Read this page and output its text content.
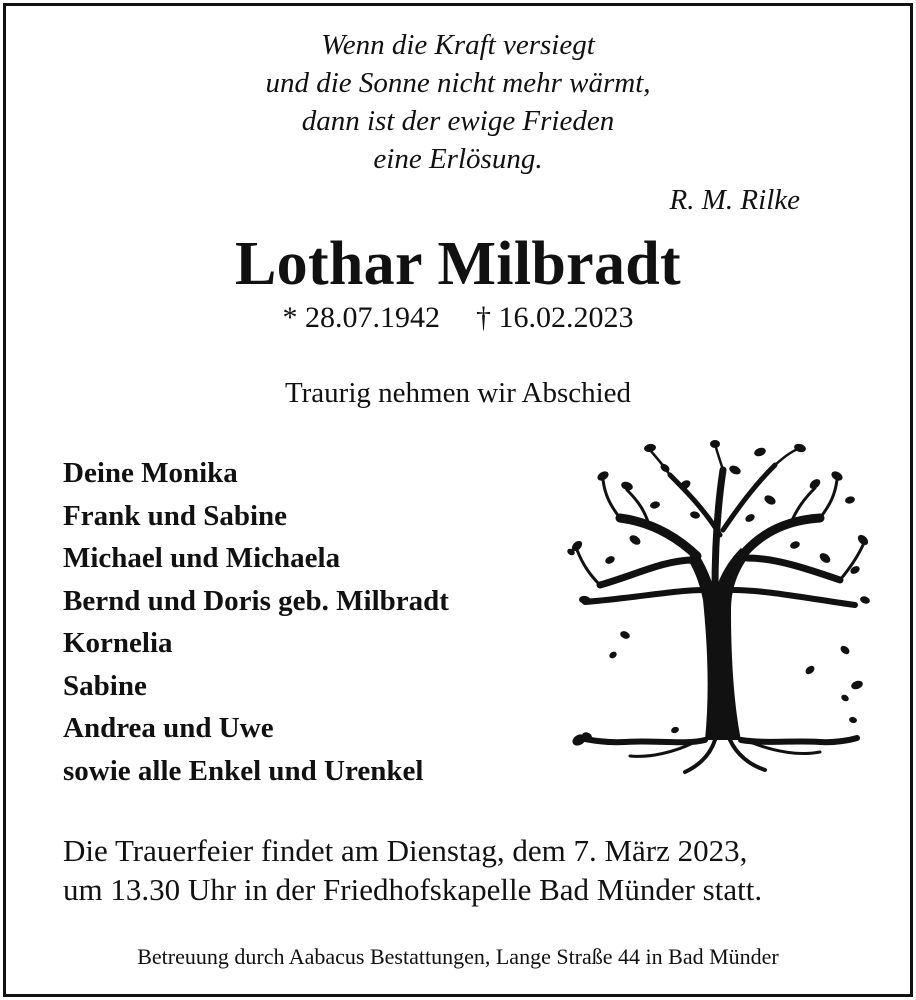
Wenn die Kraft versiegt
und die Sonne nicht mehr wärmt,
dann ist der ewige Frieden
eine Erlösung.
R. M. Rilke
Lothar Milbradt
* 28.07.1942 † 16.02.2023
Traurig nehmen wir Abschied
Deine Monika
Frank und Sabine
Michael und Michaela
Bernd und Doris geb. Milbradt
Kornelia
Sabine
Andrea und Uwe
sowie alle Enkel und Urenkel
Die Trauerfeier findet am Dienstag, dem 7. März 2023,
um 13.30 Uhr in der Friedhofskapelle Bad Münder statt.
Betreuung durch Aabacus Bestattungen, Lange Straße 44 in Bad Münder
